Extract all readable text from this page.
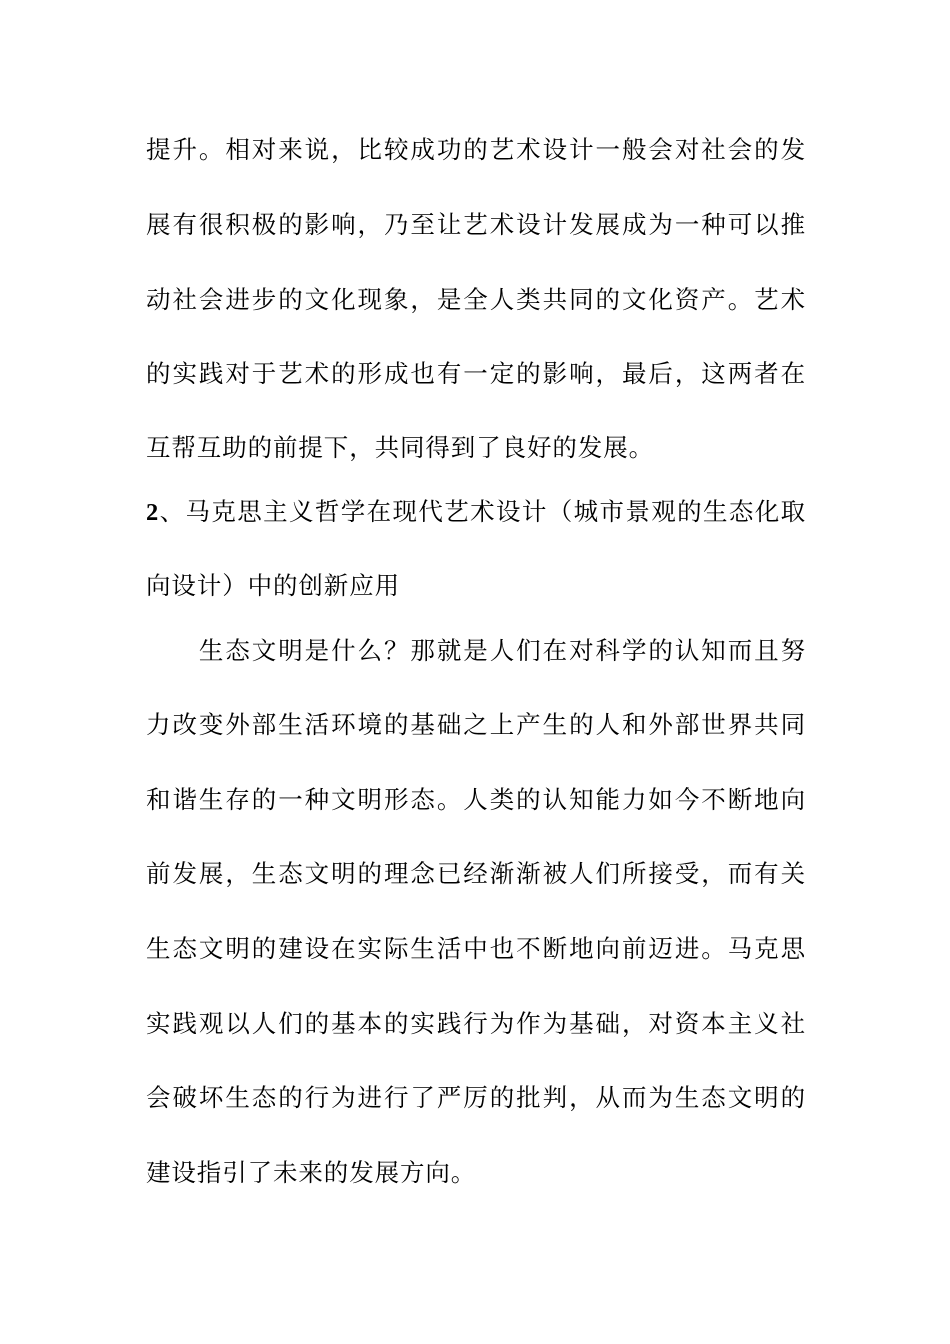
提升。相对来说，比较成功的艺术设计一般会对社会的发
展有很积极的影响，乃至让艺术设计发展成为一种可以推
动社会进步的文化现象，是全人类共同的文化资产。艺术
的实践对于艺术的形成也有一定的影响，最后，这两者在
互帮互助的前提下，共同得到了良好的发展。
2、马克思主义哲学在现代艺术设计（城市景观的生态化取
向设计）中的创新应用
　　生态文明是什么？那就是人们在对科学的认知而且努
力改变外部生活环境的基础之上产生的人和外部世界共同
和谐生存的一种文明形态。人类的认知能力如今不断地向
前发展，生态文明的理念已经渐渐被人们所接受，而有关
生态文明的建设在实际生活中也不断地向前迈进。马克思
实践观以人们的基本的实践行为作为基础，对资本主义社
会破坏生态的行为进行了严厉的批判，从而为生态文明的
建设指引了未来的发展方向。
